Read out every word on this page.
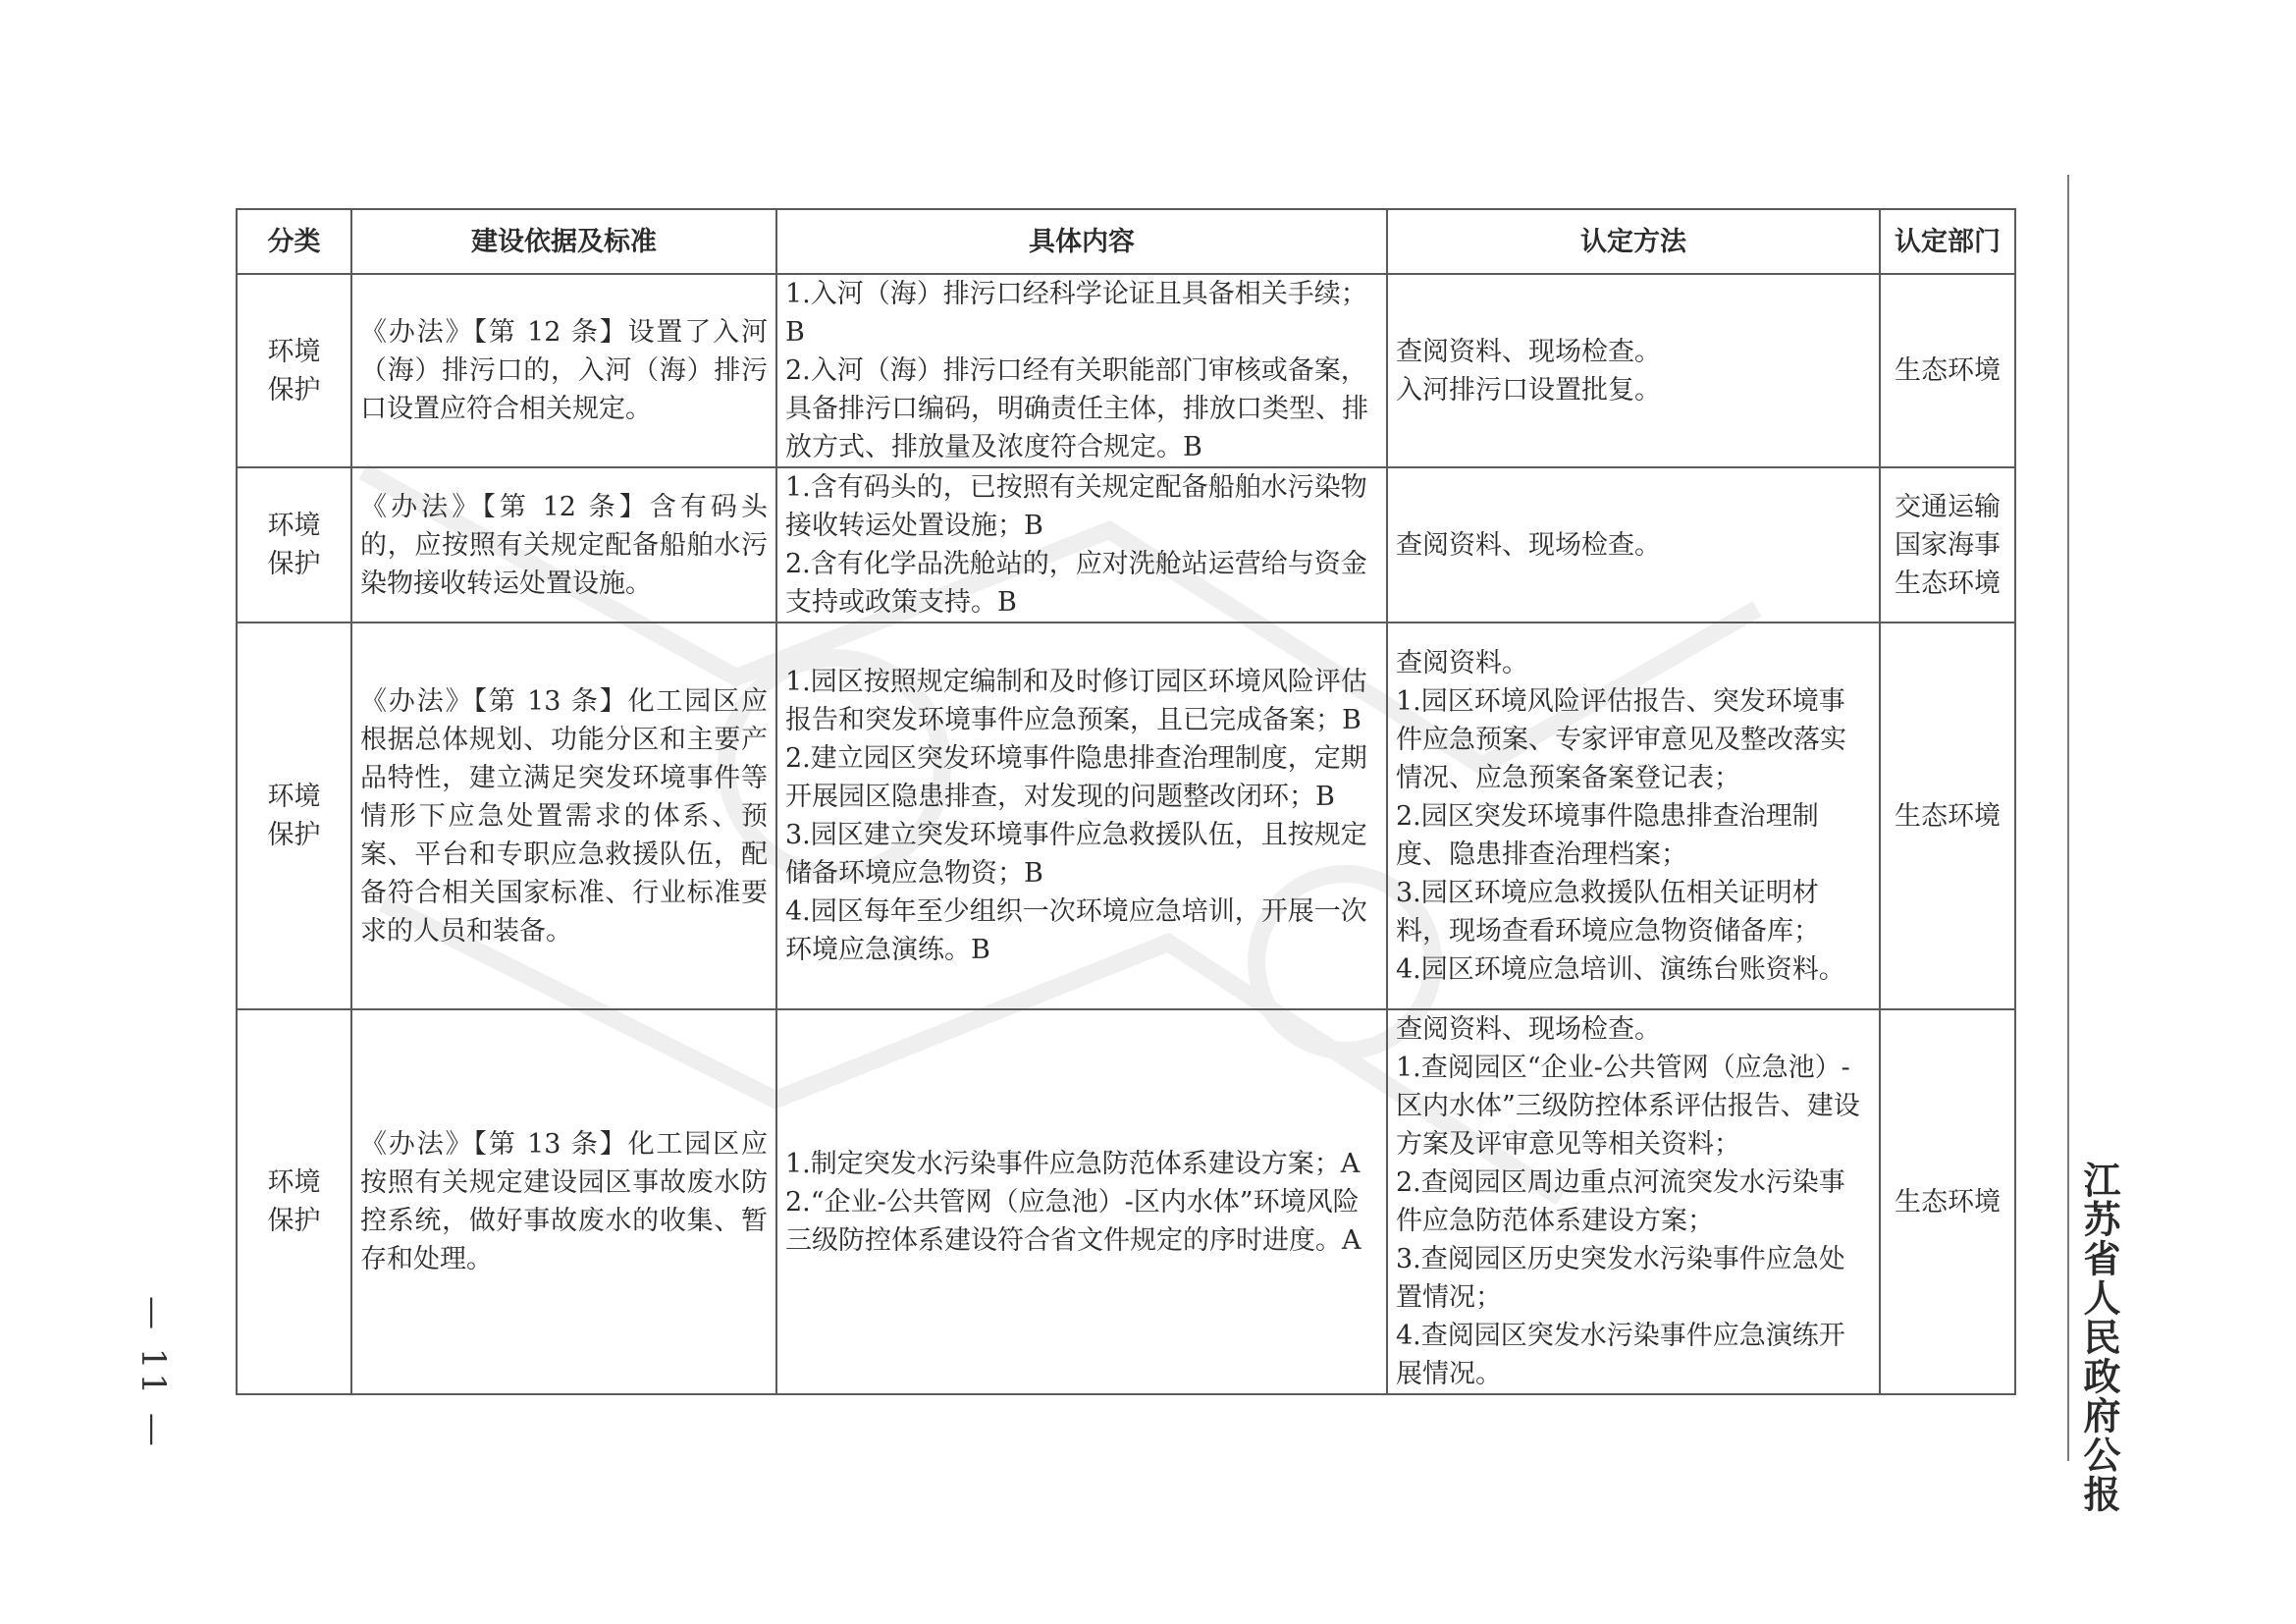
分类	建设依据及标准	具体内容	认定方法	认定部门

环境
保护	《办法》【第 12 条】设置了入河（海）排污口的，入河（海）排污口设置应符合相关规定。	1.入河（海）排污口经科学论证且具备相关手续；B
2.入河（海）排污口经有关职能部门审核或备案，具备排污口编码，明确责任主体，排放口类型、排放方式、排放量及浓度符合规定。B	查阅资料、现场检查。
入河排污口设置批复。	生态环境

环境
保护	《办法》【第 12 条】含有码头的，应按照有关规定配备船舶水污染物接收转运处置设施。	1.含有码头的，已按照有关规定配备船舶水污染物接收转运处置设施；B
2.含有化学品洗舱站的，应对洗舱站运营给与资金支持或政策支持。B	查阅资料、现场检查。	交通运输
国家海事
生态环境

环境
保护	《办法》【第 13 条】化工园区应根据总体规划、功能分区和主要产品特性，建立满足突发环境事件等情形下应急处置需求的体系、预案、平台和专职应急救援队伍，配备符合相关国家标准、行业标准要求的人员和装备。	1.园区按照规定编制和及时修订园区环境风险评估报告和突发环境事件应急预案，且已完成备案；B
2.建立园区突发环境事件隐患排查治理制度，定期开展园区隐患排查，对发现的问题整改闭环；B
3.园区建立突发环境事件应急救援队伍，且按规定储备环境应急物资；B
4.园区每年至少组织一次环境应急培训，开展一次环境应急演练。B	查阅资料。
1.园区环境风险评估报告、突发环境事件应急预案、专家评审意见及整改落实情况、应急预案备案登记表；
2.园区突发环境事件隐患排查治理制度、隐患排查治理档案；
3.园区环境应急救援队伍相关证明材料，现场查看环境应急物资储备库；
4.园区环境应急培训、演练台账资料。	生态环境

环境
保护	《办法》【第 13 条】化工园区应按照有关规定建设园区事故废水防控系统，做好事故废水的收集、暂存和处理。	1.制定突发水污染事件应急防范体系建设方案；A
2.“企业-公共管网（应急池）-区内水体”环境风险三级防控体系建设符合省文件规定的序时进度。A	查阅资料、现场检查。
1.查阅园区“企业-公共管网（应急池）-区内水体”三级防控体系评估报告、建设方案及评审意见等相关资料；
2.查阅园区周边重点河流突发水污染事件应急防范体系建设方案；
3.查阅园区历史突发水污染事件应急处置情况；
4.查阅园区突发水污染事件应急演练开展情况。	生态环境 江苏省人民政府公报
— 11 —
